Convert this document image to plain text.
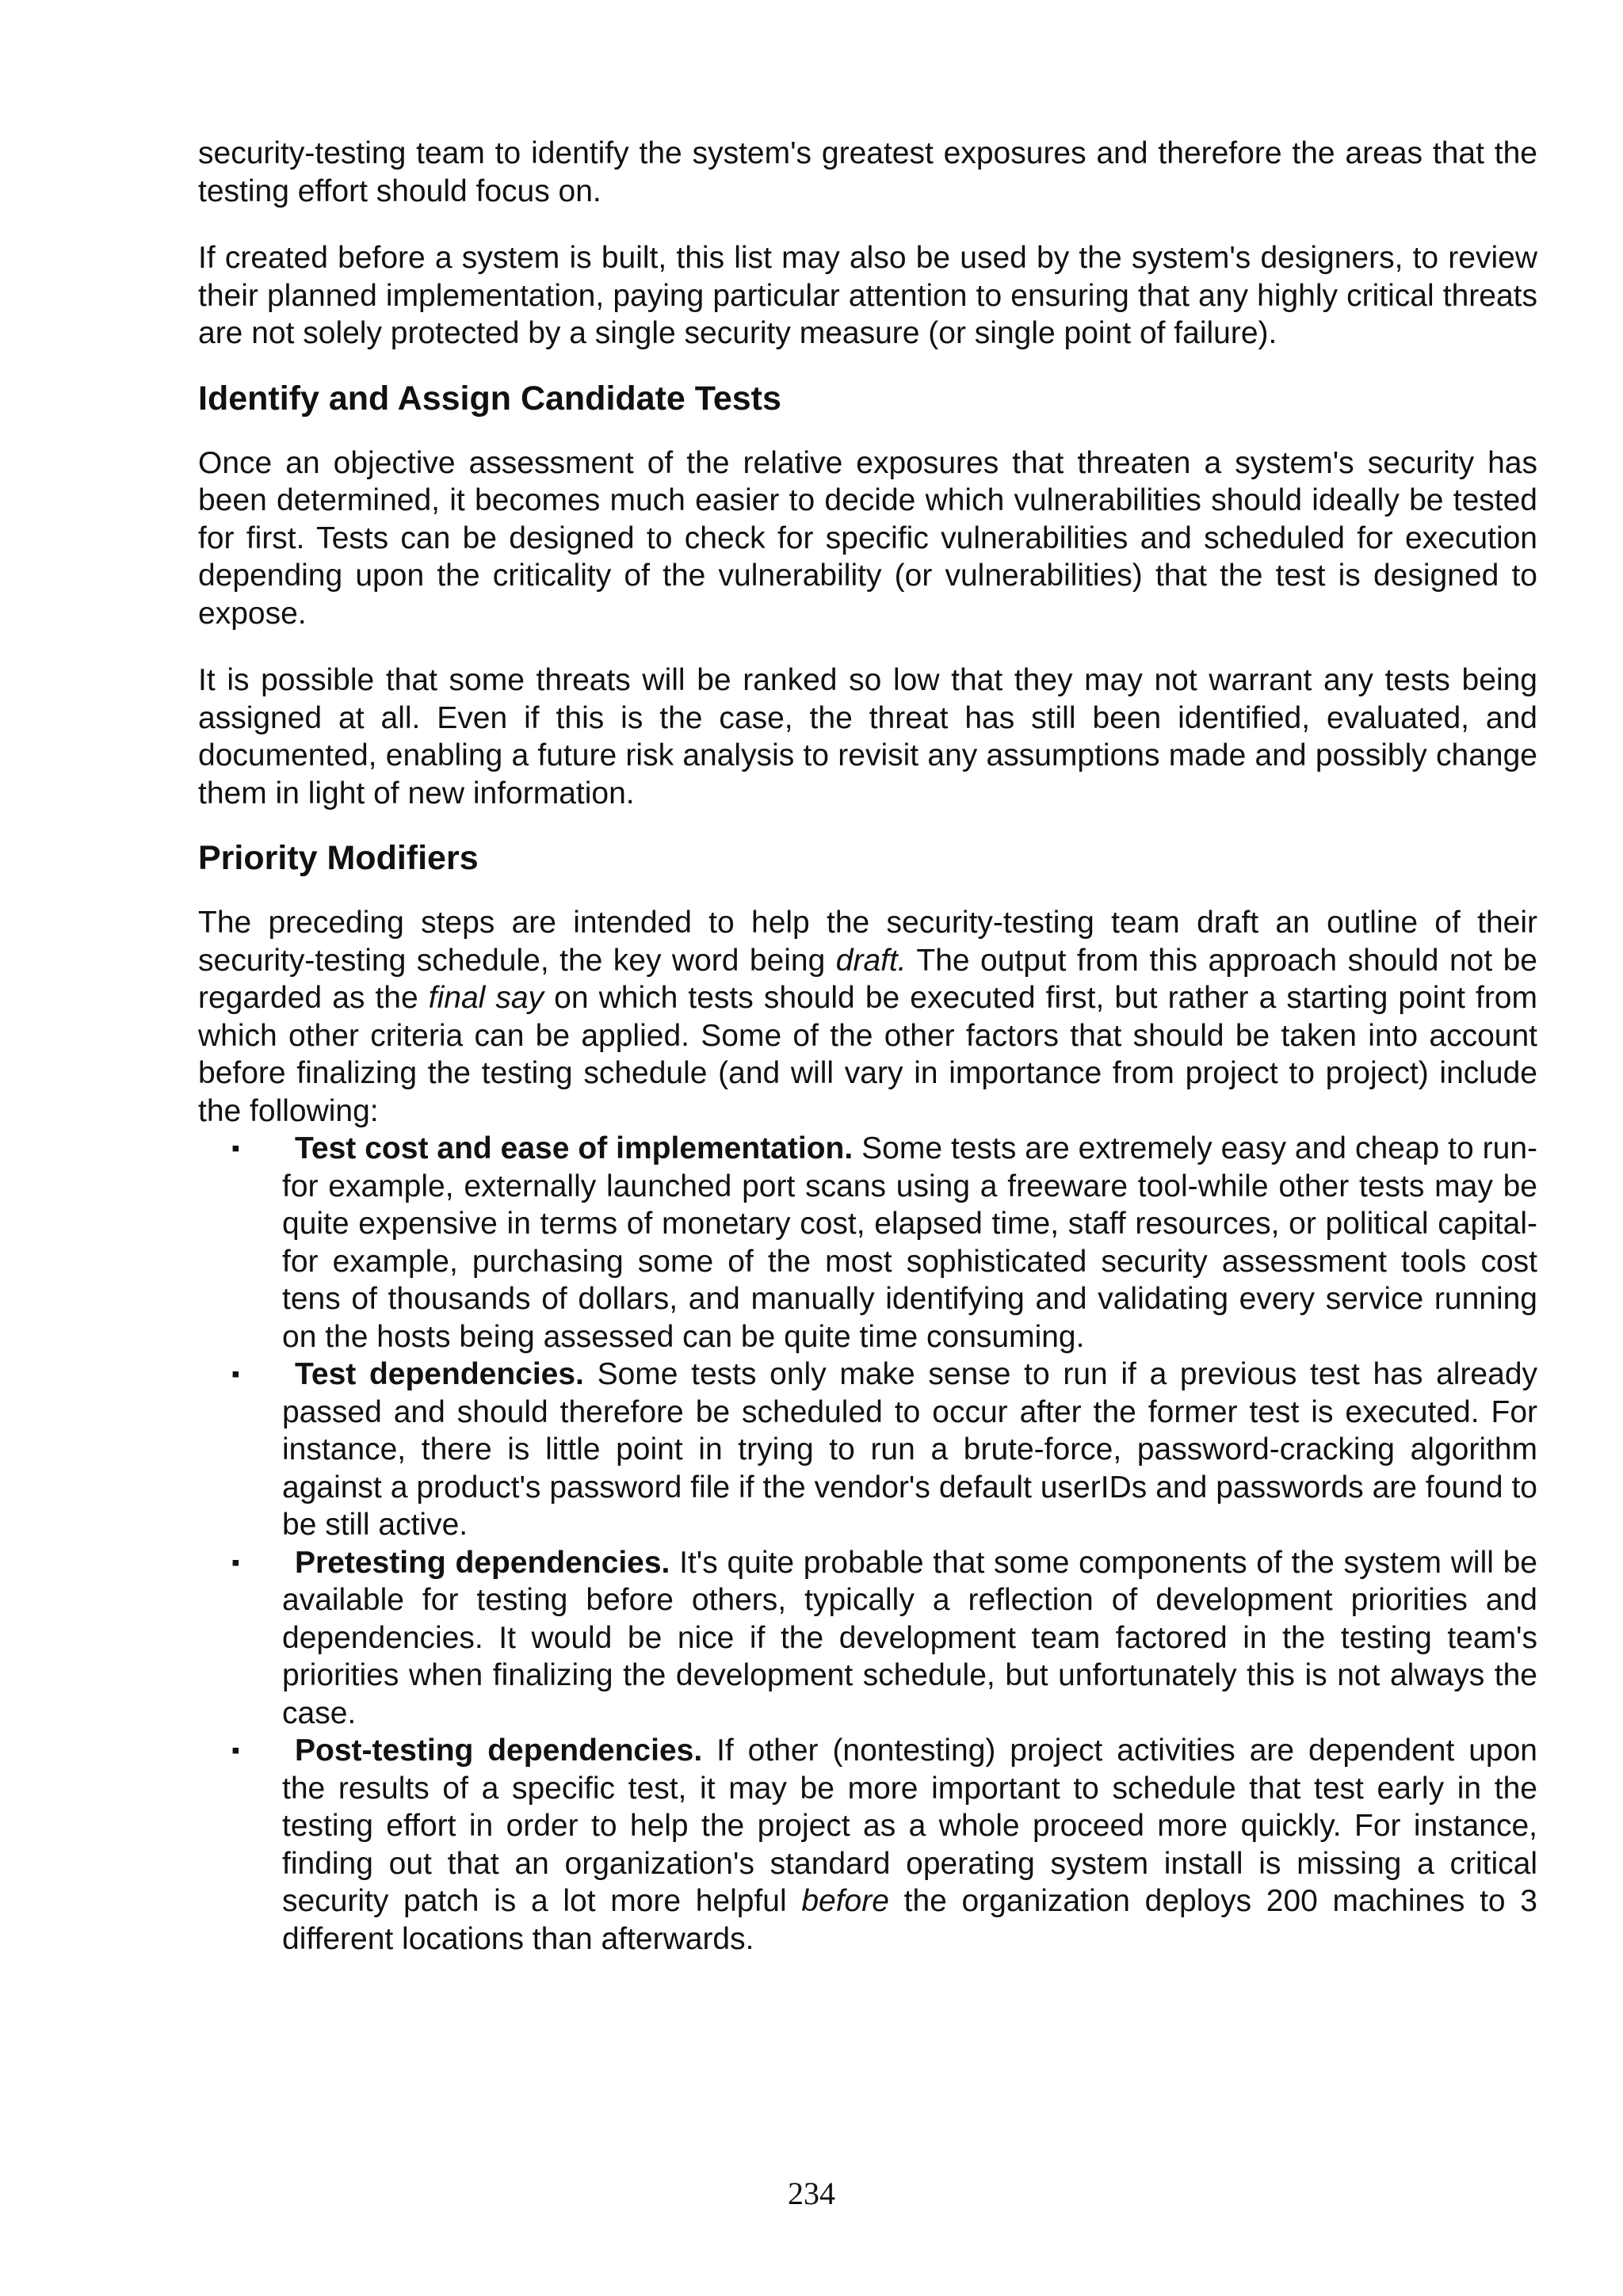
security-testing team to identify the system's greatest exposures and therefore the areas that the testing effort should focus on.

If created before a system is built, this list may also be used by the system's designers, to review their planned implementation, paying particular attention to ensuring that any highly critical threats are not solely protected by a single security measure (or single point of failure).

Identify and Assign Candidate Tests

Once an objective assessment of the relative exposures that threaten a system's security has been determined, it becomes much easier to decide which vulnerabilities should ideally be tested for first. Tests can be designed to check for specific vulnerabilities and scheduled for execution depending upon the criticality of the vulnerability (or vulnerabilities) that the test is designed to expose.

It is possible that some threats will be ranked so low that they may not warrant any tests being assigned at all. Even if this is the case, the threat has still been identified, evaluated, and documented, enabling a future risk analysis to revisit any assumptions made and possibly change them in light of new information.

Priority Modifiers

The preceding steps are intended to help the security-testing team draft an outline of their security-testing schedule, the key word being draft. The output from this approach should not be regarded as the final say on which tests should be executed first, but rather a starting point from which other criteria can be applied. Some of the other factors that should be taken into account before finalizing the testing schedule (and will vary in importance from project to project) include the following:

▪ Test cost and ease of implementation. Some tests are extremely easy and cheap to run-for example, externally launched port scans using a freeware tool-while other tests may be quite expensive in terms of monetary cost, elapsed time, staff resources, or political capital-for example, purchasing some of the most sophisticated security assessment tools cost tens of thousands of dollars, and manually identifying and validating every service running on the hosts being assessed can be quite time consuming.
▪ Test dependencies. Some tests only make sense to run if a previous test has already passed and should therefore be scheduled to occur after the former test is executed. For instance, there is little point in trying to run a brute-force, password-cracking algorithm against a product's password file if the vendor's default userIDs and passwords are found to be still active.
▪ Pretesting dependencies. It's quite probable that some components of the system will be available for testing before others, typically a reflection of development priorities and dependencies. It would be nice if the development team factored in the testing team's priorities when finalizing the development schedule, but unfortunately this is not always the case.
▪ Post-testing dependencies. If other (nontesting) project activities are dependent upon the results of a specific test, it may be more important to schedule that test early in the testing effort in order to help the project as a whole proceed more quickly. For instance, finding out that an organization's standard operating system install is missing a critical security patch is a lot more helpful before the organization deploys 200 machines to 3 different locations than afterwards.
234
